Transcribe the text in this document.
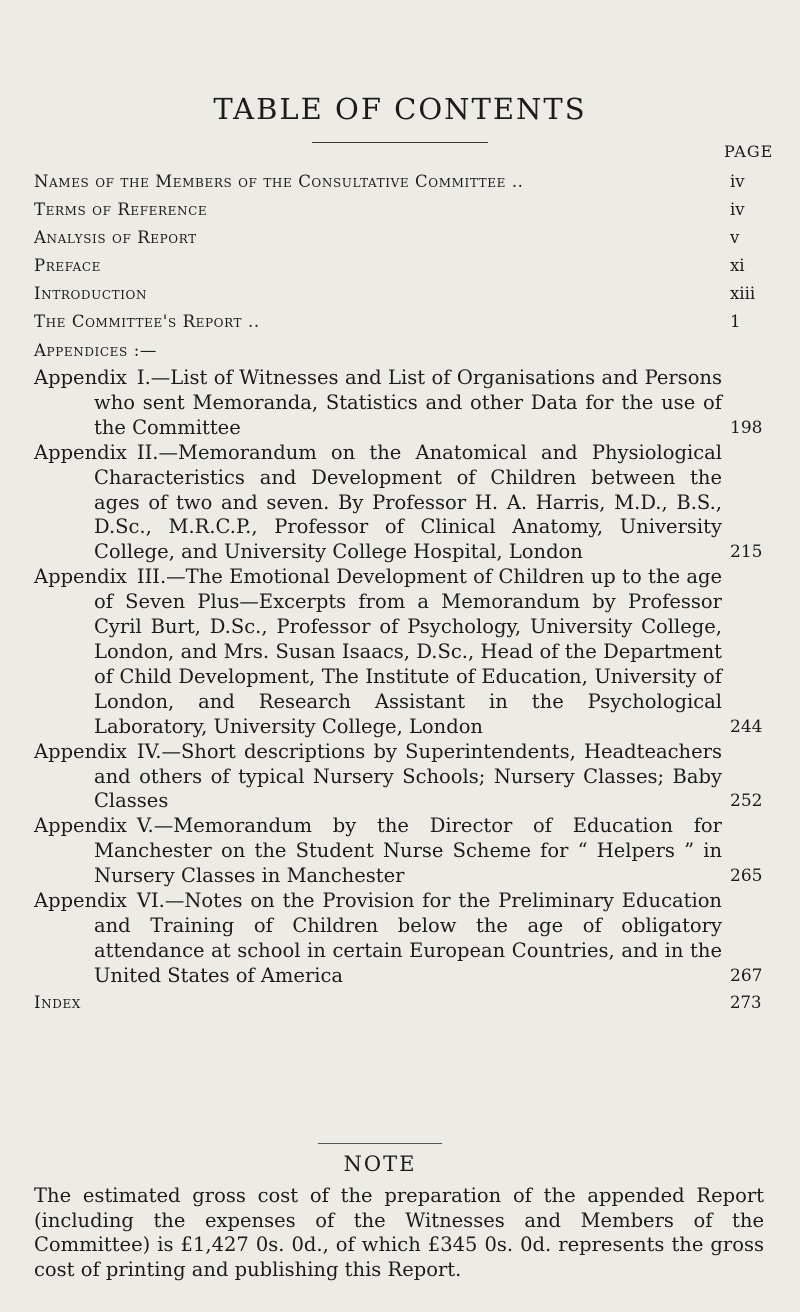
TABLE OF CONTENTS
PAGE
Names of the Members of the Consultative Committee ..	iv
Terms of Reference	iv
Analysis of Report	v
Preface	xi
Introduction	xiii
The Committee's Report ..	1
Appendices :—
Appendix I.—List of Witnesses and List of Organisations and Persons who sent Memoranda, Statistics and other Data for the use of the Committee	198
Appendix II.—Memorandum on the Anatomical and Physiological Characteristics and Development of Children between the ages of two and seven. By Professor H. A. Harris, M.D., B.S., D.Sc., M.R.C.P., Professor of Clinical Anatomy, University College, and University College Hospital, London	215
Appendix III.—The Emotional Development of Children up to the age of Seven Plus—Excerpts from a Memorandum by Professor Cyril Burt, D.Sc., Professor of Psychology, University College, London, and Mrs. Susan Isaacs, D.Sc., Head of the Department of Child Development, The Institute of Education, University of London, and Research Assistant in the Psychological Laboratory, University College, London	244
Appendix IV.—Short descriptions by Superintendents, Headteachers and others of typical Nursery Schools; Nursery Classes; Baby Classes	252
Appendix V.—Memorandum by the Director of Education for Manchester on the Student Nurse Scheme for “ Helpers ” in Nursery Classes in Manchester	265
Appendix VI.—Notes on the Provision for the Preliminary Education and Training of Children below the age of obligatory attendance at school in certain European Countries, and in the United States of America	267
Index	273
NOTE
The estimated gross cost of the preparation of the appended Report (including the expenses of the Witnesses and Members of the Committee) is £1,427 0s. 0d., of which £345 0s. 0d. represents the gross cost of printing and publishing this Report.
